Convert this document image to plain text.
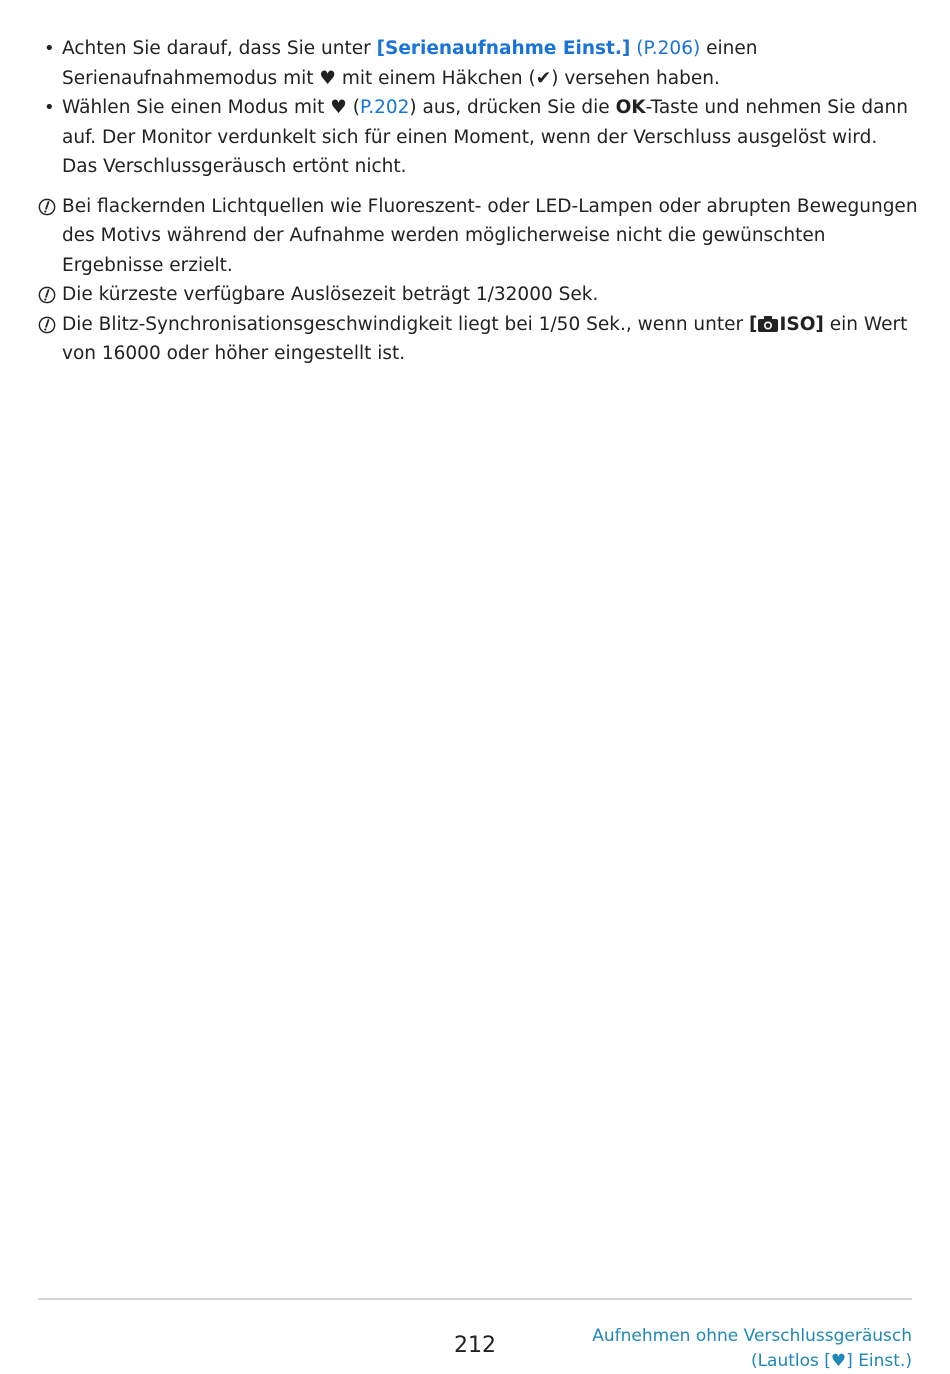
• Achten Sie darauf, dass Sie unter [Serienaufnahme Einst.] (P.206) einen Serienaufnahmemodus mit ♥ mit einem Häkchen (✔) versehen haben.
• Wählen Sie einen Modus mit ♥ (P.202) aus, drücken Sie die OK-Taste und nehmen Sie dann auf. Der Monitor verdunkelt sich für einen Moment, wenn der Verschluss ausgelöst wird. Das Verschlussgeräusch ertönt nicht.

Bei flackernden Lichtquellen wie Fluoreszent- oder LED-Lampen oder abrupten Bewegungen des Motivs während der Aufnahme werden möglicherweise nicht die gewünschten Ergebnisse erzielt.

Die kürzeste verfügbare Auslösezeit beträgt 1/32000 Sek.

Die Blitz-Synchronisationsgeschwindigkeit liegt bei 1/50 Sek., wenn unter [ ISO] ein Wert von 16000 oder höher eingestellt ist.

212	Aufnehmen ohne Verschlussgeräusch
(Lautlos [♥] Einst.)
